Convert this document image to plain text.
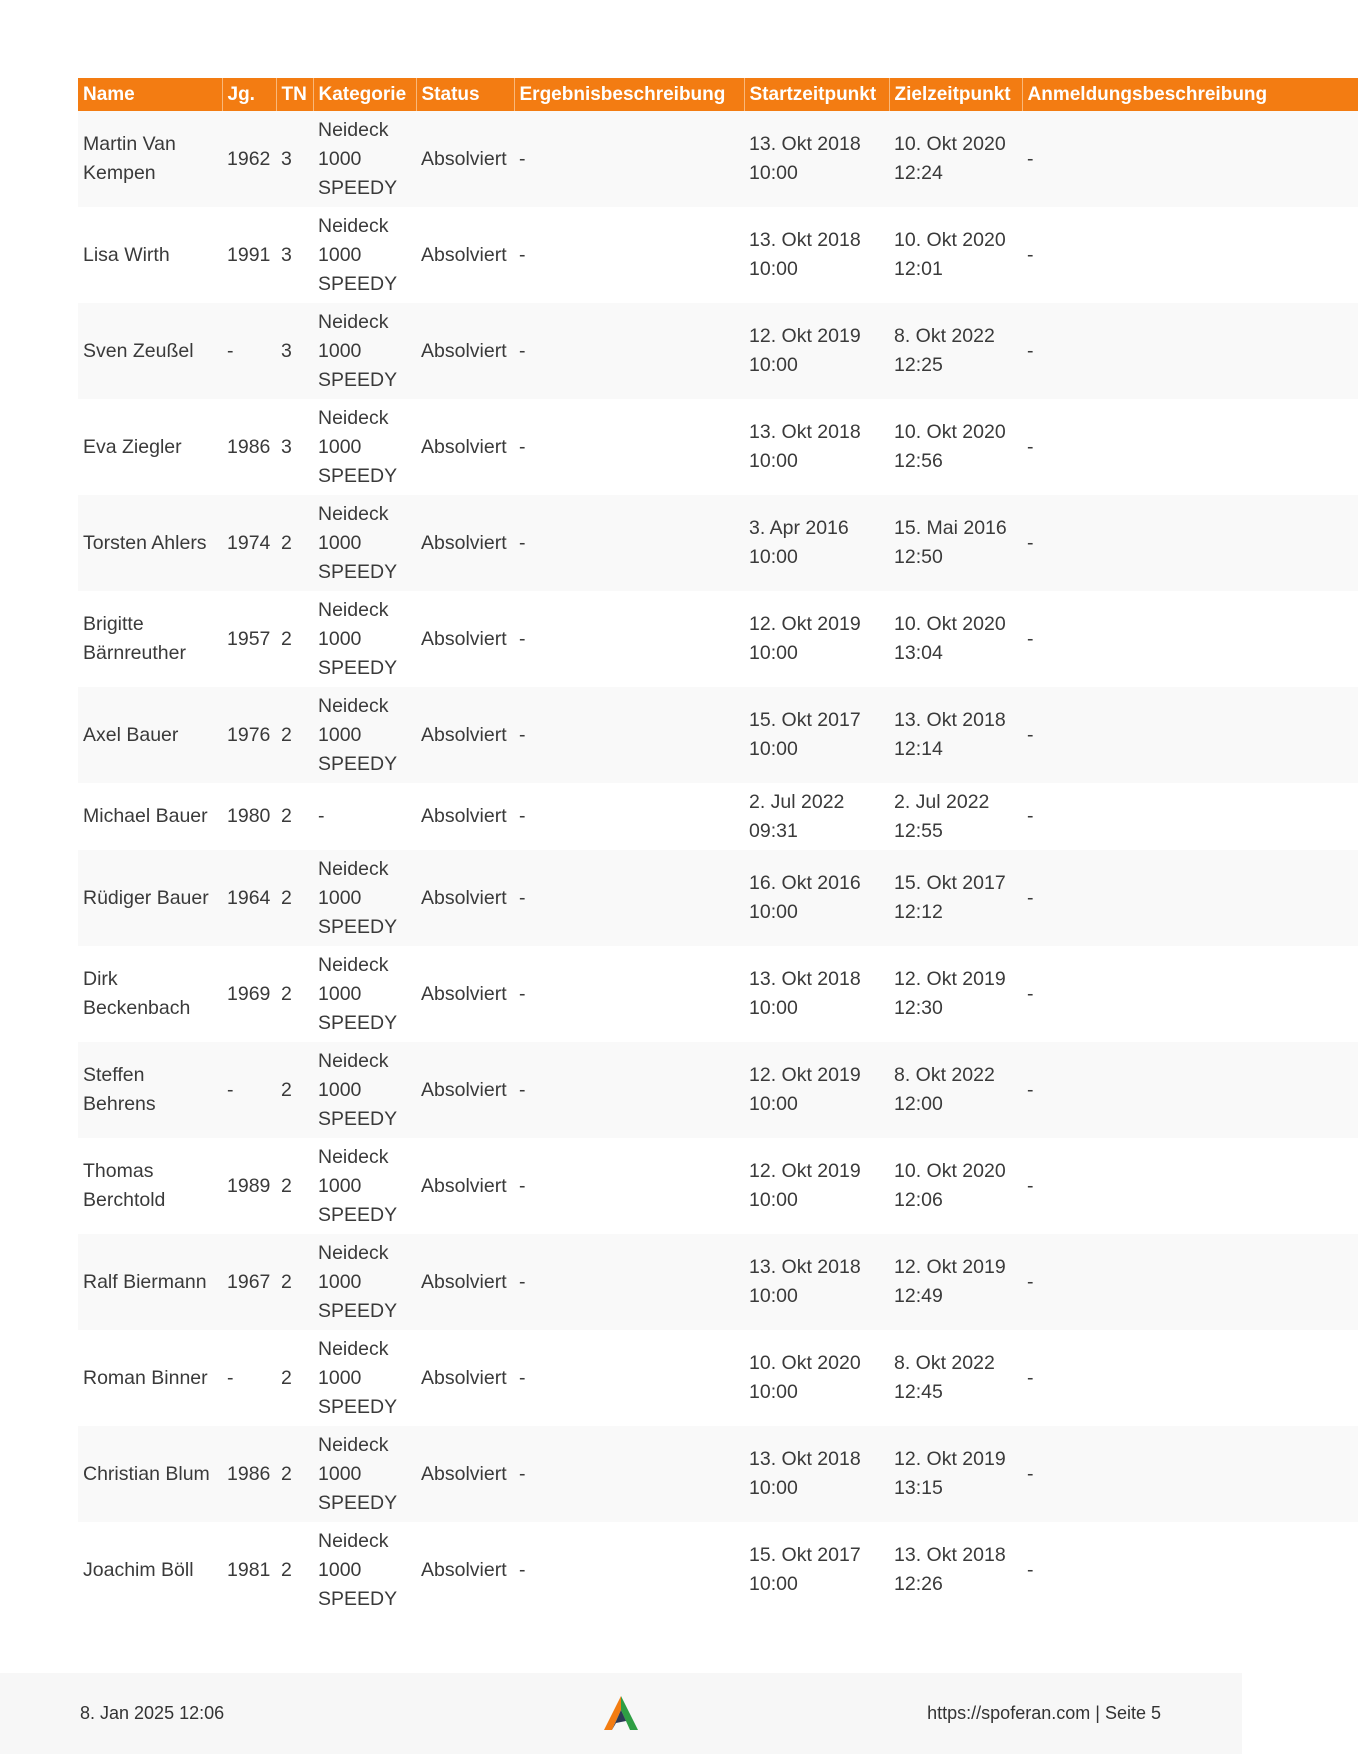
Name	Jg.	TN	Kategorie	Status	Ergebnisbeschreibung	Startzeitpunkt	Zielzeitpunkt	Anmeldungsbeschreibung
Martin Van Kempen	1962	3	Neideck 1000 SPEEDY	Absolviert	-	13. Okt 2018 10:00	10. Okt 2020 12:24	-
Lisa Wirth	1991	3	Neideck 1000 SPEEDY	Absolviert	-	13. Okt 2018 10:00	10. Okt 2020 12:01	-
Sven Zeußel	-	3	Neideck 1000 SPEEDY	Absolviert	-	12. Okt 2019 10:00	8. Okt 2022 12:25	-
Eva Ziegler	1986	3	Neideck 1000 SPEEDY	Absolviert	-	13. Okt 2018 10:00	10. Okt 2020 12:56	-
Torsten Ahlers	1974	2	Neideck 1000 SPEEDY	Absolviert	-	3. Apr 2016 10:00	15. Mai 2016 12:50	-
Brigitte Bärnreuther	1957	2	Neideck 1000 SPEEDY	Absolviert	-	12. Okt 2019 10:00	10. Okt 2020 13:04	-
Axel Bauer	1976	2	Neideck 1000 SPEEDY	Absolviert	-	15. Okt 2017 10:00	13. Okt 2018 12:14	-
Michael Bauer	1980	2	-	Absolviert	-	2. Jul 2022 09:31	2. Jul 2022 12:55	-
Rüdiger Bauer	1964	2	Neideck 1000 SPEEDY	Absolviert	-	16. Okt 2016 10:00	15. Okt 2017 12:12	-
Dirk Beckenbach	1969	2	Neideck 1000 SPEEDY	Absolviert	-	13. Okt 2018 10:00	12. Okt 2019 12:30	-
Steffen Behrens	-	2	Neideck 1000 SPEEDY	Absolviert	-	12. Okt 2019 10:00	8. Okt 2022 12:00	-
Thomas Berchtold	1989	2	Neideck 1000 SPEEDY	Absolviert	-	12. Okt 2019 10:00	10. Okt 2020 12:06	-
Ralf Biermann	1967	2	Neideck 1000 SPEEDY	Absolviert	-	13. Okt 2018 10:00	12. Okt 2019 12:49	-
Roman Binner	-	2	Neideck 1000 SPEEDY	Absolviert	-	10. Okt 2020 10:00	8. Okt 2022 12:45	-
Christian Blum	1986	2	Neideck 1000 SPEEDY	Absolviert	-	13. Okt 2018 10:00	12. Okt 2019 13:15	-
Joachim Böll	1981	2	Neideck 1000 SPEEDY	Absolviert	-	15. Okt 2017 10:00	13. Okt 2018 12:26	-
8. Jan 2025 12:06	https://spoferan.com | Seite 5
